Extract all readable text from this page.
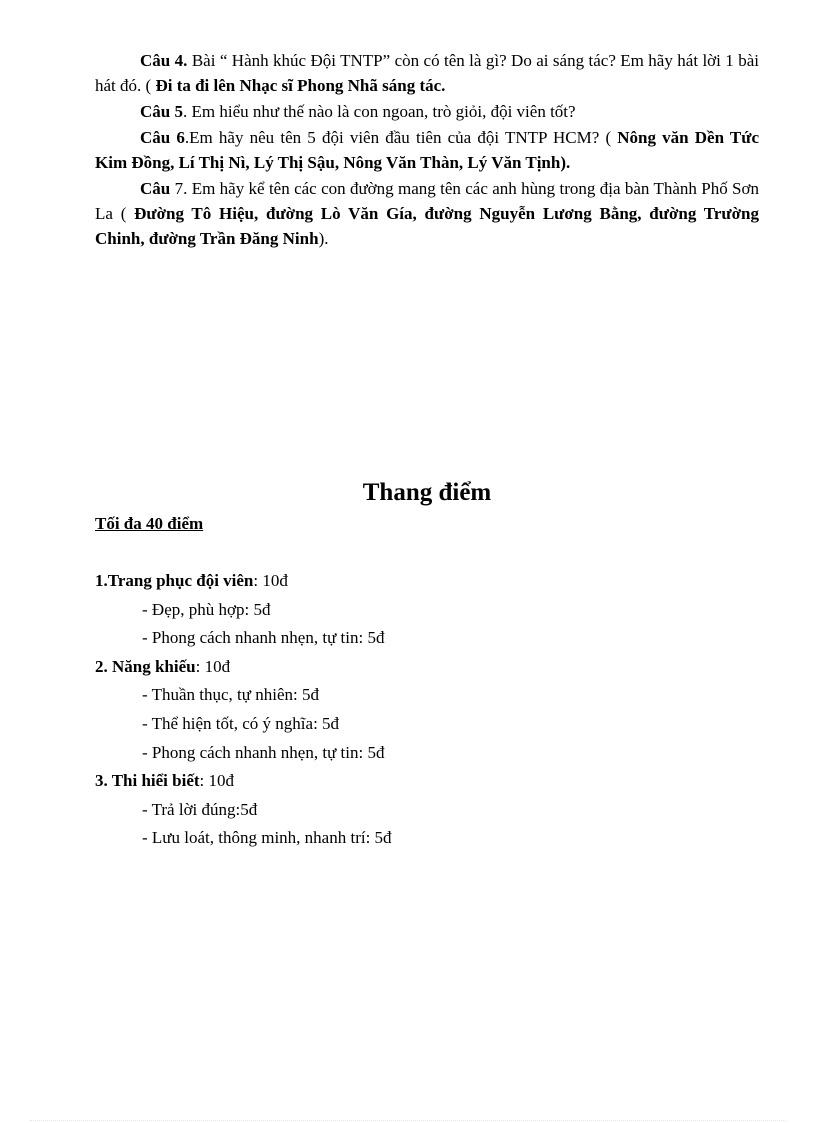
Câu 4. Bài “ Hành khúc Đội TNTP” còn có tên là gì? Do ai sáng tác? Em hãy hát lời 1 bài hát đó. ( Đi ta đi lên Nhạc sĩ Phong Nhã sáng tác.

Câu 5. Em hiểu như thế nào là con ngoan, trò giỏi, đội viên tốt?

Câu 6.Em hãy nêu tên 5 đội viên đầu tiên của đội TNTP HCM? ( Nông văn Dền Tức Kim Đồng, Lí Thị Nì, Lý Thị Sậu, Nông Văn Thàn, Lý Văn Tịnh).

Câu 7. Em hãy kể tên các con đường mang tên các anh hùng trong địa bàn Thành Phố Sơn La ( Đường Tô Hiệu, đường Lò Văn Gía, đường Nguyễn Lương Bằng, đường Trường Chinh, đường Trần Đăng Ninh).

Thang điểm
Tối đa 40 điểm
1.Trang phục đội viên: 10đ
- Đẹp, phù hợp: 5đ
- Phong cách nhanh nhẹn, tự tin: 5đ
2. Năng khiếu: 10đ
- Thuần thục, tự nhiên: 5đ
- Thể hiện tốt, có ý nghĩa: 5đ
- Phong cách nhanh nhẹn, tự tin: 5đ
3. Thi hiểi biết: 10đ
- Trả lời đúng:5đ
- Lưu loát, thông minh, nhanh trí: 5đ
